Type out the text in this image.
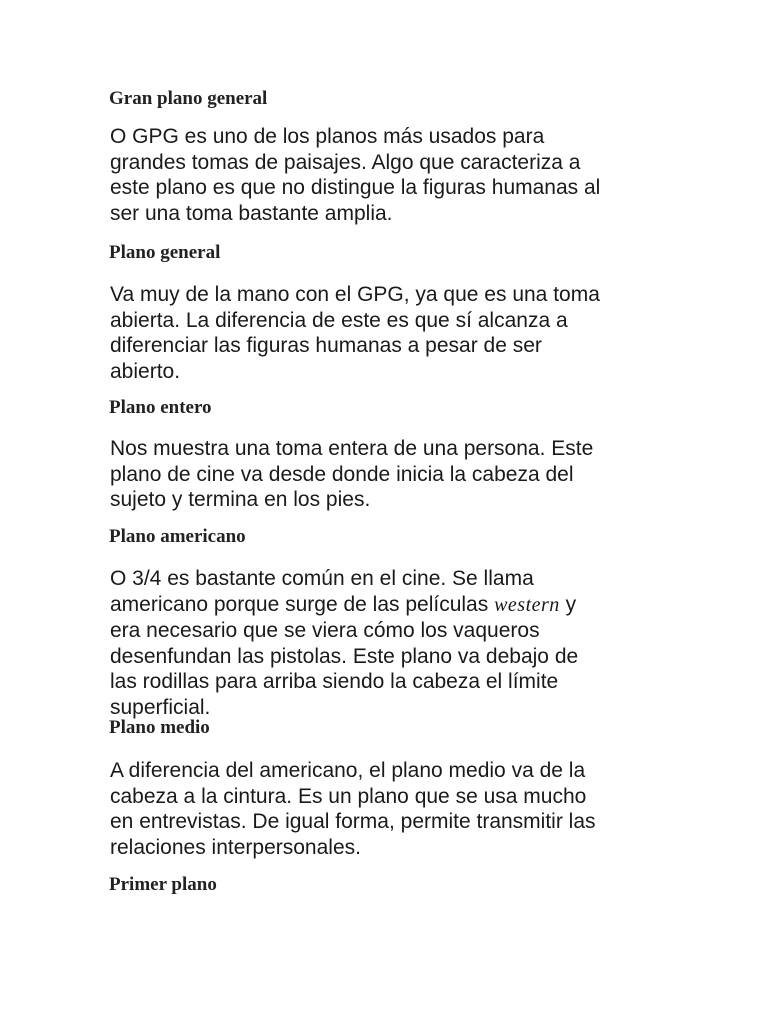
Gran plano general

O GPG es uno de los planos más usados para
grandes tomas de paisajes. Algo que caracteriza a
este plano es que no distingue la figuras humanas al
ser una toma bastante amplia.

Plano general

Va muy de la mano con el GPG, ya que es una toma
abierta. La diferencia de este es que sí alcanza a
diferenciar las figuras humanas a pesar de ser
abierto.

Plano entero

Nos muestra una toma entera de una persona. Este
plano de cine va desde donde inicia la cabeza del
sujeto y termina en los pies.

Plano americano

O 3/4 es bastante común en el cine. Se llama
americano porque surge de las películas western y
era necesario que se viera cómo los vaqueros
desenfundan las pistolas. Este plano va debajo de
las rodillas para arriba siendo la cabeza el límite
superficial.

Plano medio

A diferencia del americano, el plano medio va de la
cabeza a la cintura. Es un plano que se usa mucho
en entrevistas. De igual forma, permite transmitir las
relaciones interpersonales.

Primer plano
